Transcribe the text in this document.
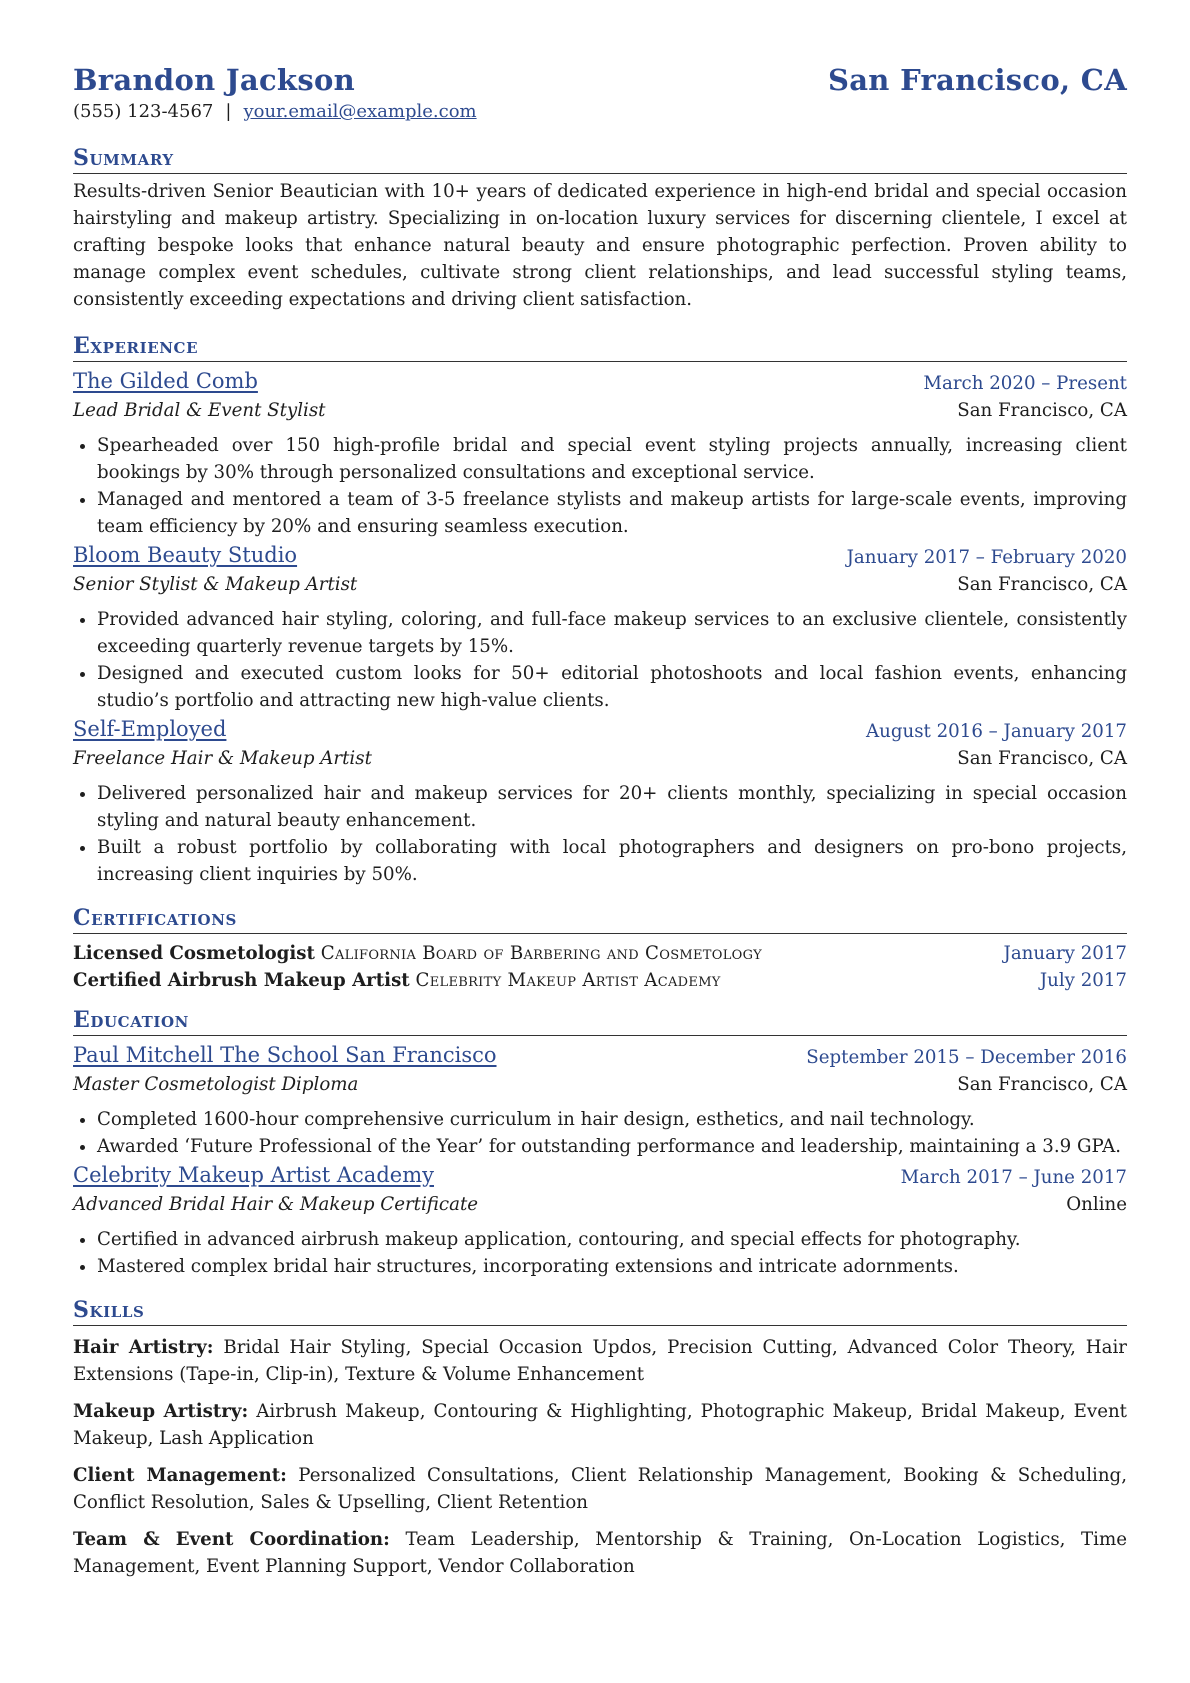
Brandon Jackson	San Francisco, CA
(555) 123-4567 | your.email@example.com
Summary

Results-driven Senior Beautician with 10+ years of dedicated experience in high-end bridal and special occasion hairstyling and makeup artistry. Specializing in on-location luxury services for discerning clientele, I excel at crafting bespoke looks that enhance natural beauty and ensure photographic perfection. Proven ability to manage complex event schedules, cultivate strong client relationships, and lead successful styling teams, consistently exceeding expectations and driving client satisfaction.

Experience
The Gilded Comb	March 2020 – Present
Lead Bridal & Event Stylist	San Francisco, CA
• Spearheaded over 150 high-profile bridal and special event styling projects annually, increasing client bookings by 30% through personalized consultations and exceptional service.
• Managed and mentored a team of 3-5 freelance stylists and makeup artists for large-scale events, improving team efficiency by 20% and ensuring seamless execution.
Bloom Beauty Studio	January 2017 – February 2020
Senior Stylist & Makeup Artist	San Francisco, CA
• Provided advanced hair styling, coloring, and full-face makeup services to an exclusive clientele, consistently exceeding quarterly revenue targets by 15%.
• Designed and executed custom looks for 50+ editorial photoshoots and local fashion events, enhancing studio’s portfolio and attracting new high-value clients.
Self-Employed	August 2016 – January 2017
Freelance Hair & Makeup Artist	San Francisco, CA
• Delivered personalized hair and makeup services for 20+ clients monthly, specializing in special occasion styling and natural beauty enhancement.
• Built a robust portfolio by collaborating with local photographers and designers on pro-bono projects, increasing client inquiries by 50%.
Certifications
Licensed Cosmetologist California Board of Barbering and Cosmetology	January 2017
Certified Airbrush Makeup Artist Celebrity Makeup Artist Academy	July 2017
Education
Paul Mitchell The School San Francisco	September 2015 – December 2016
Master Cosmetologist Diploma	San Francisco, CA
• Completed 1600-hour comprehensive curriculum in hair design, esthetics, and nail technology.
• Awarded ‘Future Professional of the Year’ for outstanding performance and leadership, maintaining a 3.9 GPA.
Celebrity Makeup Artist Academy	March 2017 – June 2017
Advanced Bridal Hair & Makeup Certificate	Online
• Certified in advanced airbrush makeup application, contouring, and special effects for photography.
• Mastered complex bridal hair structures, incorporating extensions and intricate adornments.
Skills

Hair Artistry: Bridal Hair Styling, Special Occasion Updos, Precision Cutting, Advanced Color Theory, Hair Extensions (Tape-in, Clip-in), Texture & Volume Enhancement

Makeup Artistry: Airbrush Makeup, Contouring & Highlighting, Photographic Makeup, Bridal Makeup, Event Makeup, Lash Application

Client Management: Personalized Consultations, Client Relationship Management, Booking & Scheduling, Conflict Resolution, Sales & Upselling, Client Retention

Team & Event Coordination: Team Leadership, Mentorship & Training, On-Location Logistics, Time Management, Event Planning Support, Vendor Collaboration
